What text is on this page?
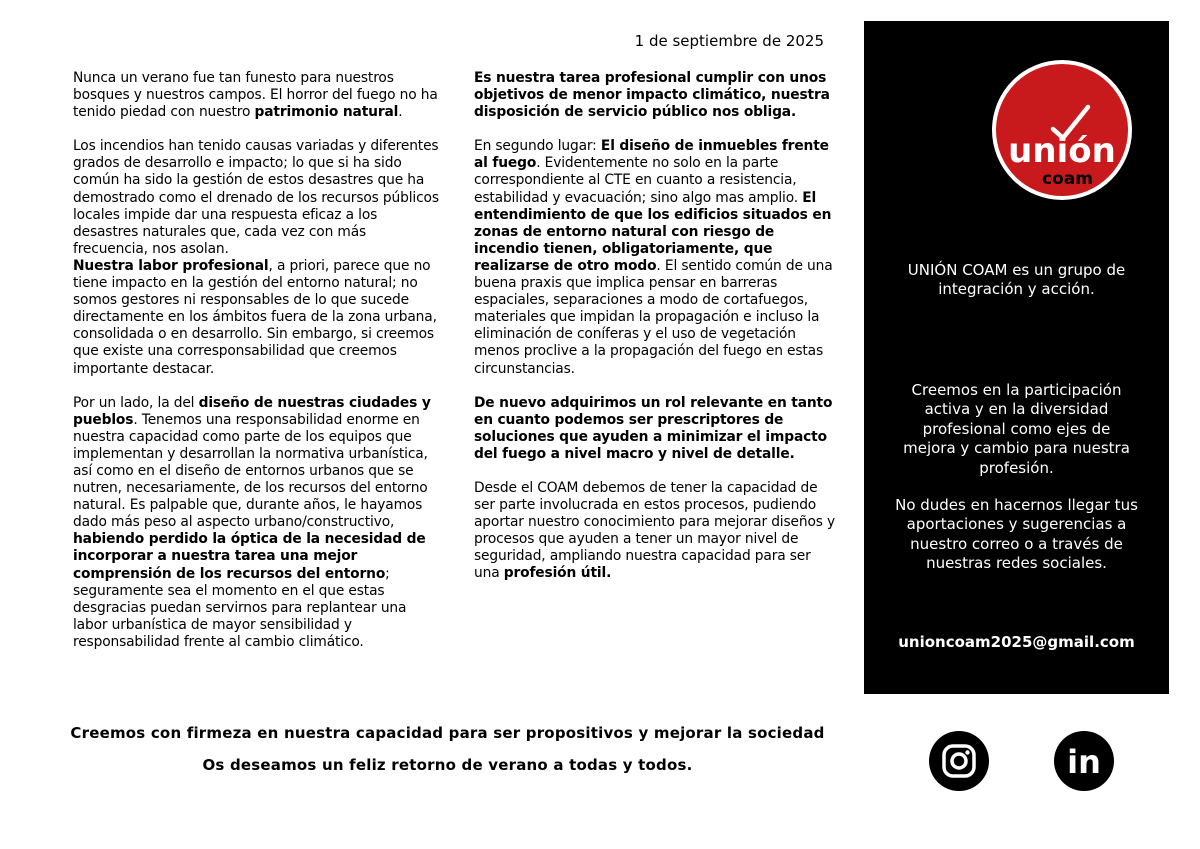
1 de septiembre de 2025

Nunca un verano fue tan funesto para nuestros bosques y nuestros campos. El horror del fuego no ha tenido piedad con nuestro patrimonio natural.

Los incendios han tenido causas variadas y diferentes grados de desarrollo e impacto; lo que si ha sido común ha sido la gestión de estos desastres que ha demostrado como el drenado de los recursos públicos locales impide dar una respuesta eficaz a los desastres naturales que, cada vez con más frecuencia, nos asolan.

Nuestra labor profesional, a priori, parece que no tiene impacto en la gestión del entorno natural; no somos gestores ni responsables de lo que sucede directamente en los ámbitos fuera de la zona urbana, consolidada o en desarrollo. Sin embargo, si creemos que existe una corresponsabilidad que creemos importante destacar.

Por un lado, la del diseño de nuestras ciudades y pueblos. Tenemos una responsabilidad enorme en nuestra capacidad como parte de los equipos que implementan y desarrollan la normativa urbanística, así como en el diseño de entornos urbanos que se nutren, necesariamente, de los recursos del entorno natural. Es palpable que, durante años, le hayamos dado más peso al aspecto urbano/constructivo, habiendo perdido la óptica de la necesidad de incorporar a nuestra tarea una mejor comprensión de los recursos del entorno; seguramente sea el momento en el que estas desgracias puedan servirnos para replantear una labor urbanística de mayor sensibilidad y responsabilidad frente al cambio climático.

Es nuestra tarea profesional cumplir con unos objetivos de menor impacto climático, nuestra disposición de servicio público nos obliga.

En segundo lugar: El diseño de inmuebles frente al fuego. Evidentemente no solo en la parte correspondiente al CTE en cuanto a resistencia, estabilidad y evacuación; sino algo mas amplio. El entendimiento de que los edificios situados en zonas de entorno natural con riesgo de incendio tienen, obligatoriamente, que realizarse de otro modo. El sentido común de una buena praxis que implica pensar en barreras espaciales, separaciones a modo de cortafuegos, materiales que impidan la propagación e incluso la eliminación de coníferas y el uso de vegetación menos proclive a la propagación del fuego en estas circunstancias.

De nuevo adquirimos un rol relevante en tanto en cuanto podemos ser prescriptores de soluciones que ayuden a minimizar el impacto del fuego a nivel macro y nivel de detalle.

Desde el COAM debemos de tener la capacidad de ser parte involucrada en estos procesos, pudiendo aportar nuestro conocimiento para mejorar diseños y procesos que ayuden a tener un mayor nivel de seguridad, ampliando nuestra capacidad para ser una profesión útil.

unión
coam
UNIÓN COAM es un grupo de integración y acción.
Creemos en la participación activa y en la diversidad profesional como ejes de mejora y cambio para nuestra profesión.
No dudes en hacernos llegar tus aportaciones y sugerencias a nuestro correo o a través de nuestras redes sociales.
unioncoam2025@gmail.com
Creemos con firmeza en nuestra capacidad para ser propositivos y mejorar la sociedad
Os deseamos un feliz retorno de verano a todas y todos.	in
